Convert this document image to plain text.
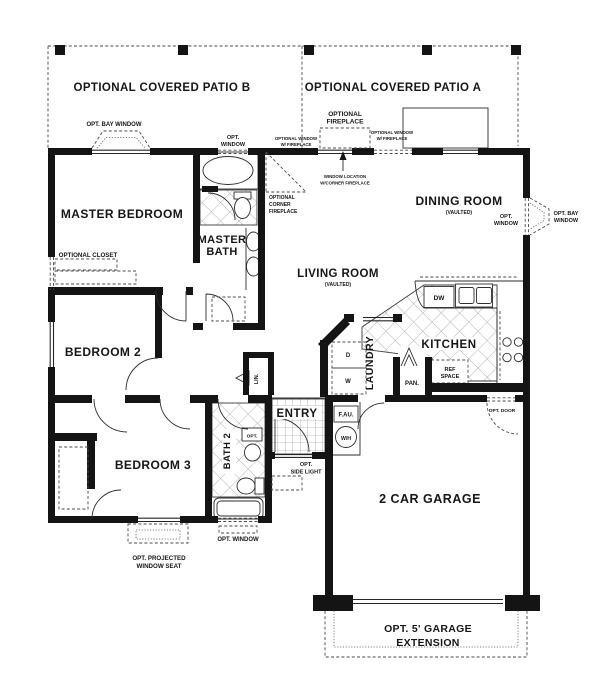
OPTIONAL COVERED PATIO B	OPTIONAL COVERED PATIO A
OPT. BAY WINDOW
OPT.
WINDOW
OPTIONAL WINDOW
W/ FIREPLACE
OPTIONAL
FIREPLACE
OPTIONAL WINDOW
W/ FIREPLACE
WINDOW LOCATION
W/CORNER FIREPLACE
DINING ROOM
(VAULTED)
OPT.
WINDOW
OPT. BAY
WINDOW
MASTER BEDROOM
OPTIONAL
CORNER
FIREPLACE
MASTER
BATH
OPTIONAL CLOSET
LIVING ROOM
(VAULTED)
BEDROOM 2	KITCHEN
LAUNDRY
D
W
DW
PAN.
REF
SPACE
LIN.
BEDROOM 3	BATH 2	OPT.
ENTRY
OPT.
SIDE LIGHT
F.AU.
W/H
OPT. DOOR
2 CAR GARAGE
OPT. WINDOW
OPT. PROJECTED
WINDOW SEAT
OPT. 5' GARAGE
EXTENSION
